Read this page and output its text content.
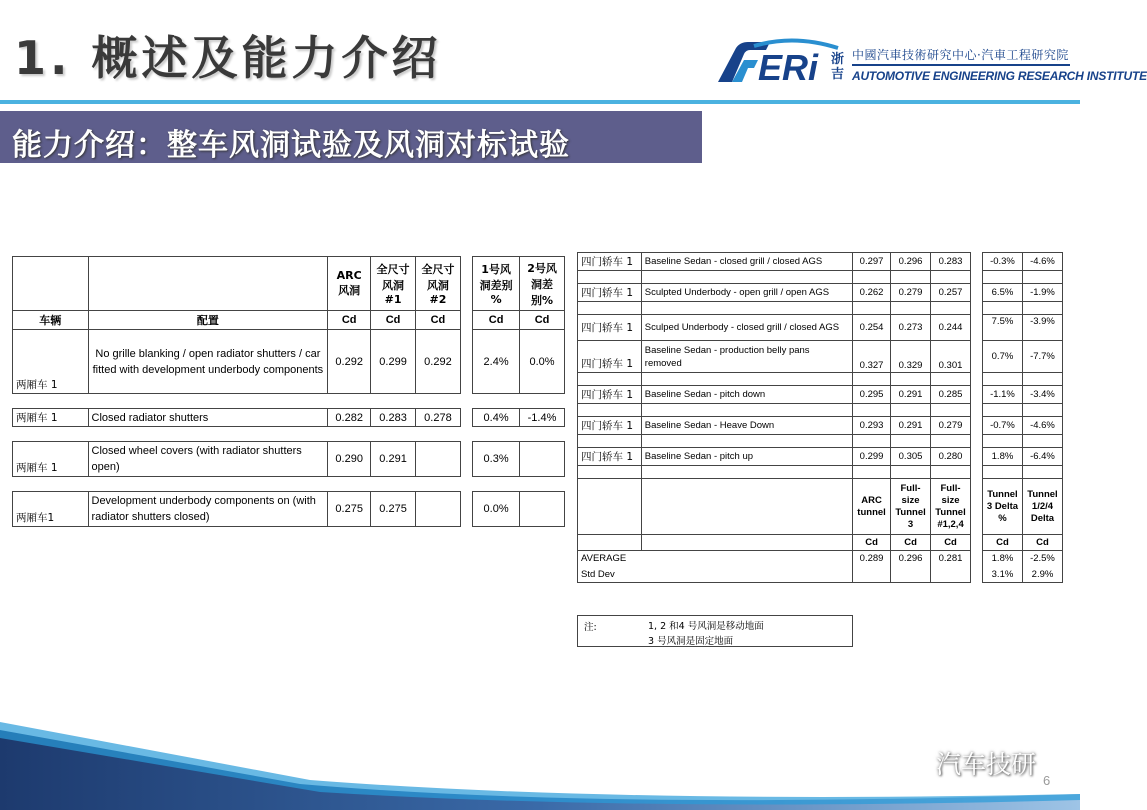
1. 概述及能力介绍	ERi 浙吉
中國汽車技術研究中心·汽車工程研究院
AUTOMOTIVE ENGINEERING RESEARCH INSTITUTE
能力介绍：整车风洞试验及风洞对标试验
		ARC 风洞	全尺寸风洞 #1	全尺寸风洞 #2		1号风洞差别 %	2号风洞差别%
车辆	配置	Cd	Cd	Cd		Cd	Cd
两厢车 1	No grille blanking / open radiator shutters / car fitted with development underbody components	0.292	0.299	0.292		2.4%	0.0%

两厢车 1	Closed radiator shutters	0.282	0.283	0.278		0.4%	-1.4%

两厢车 1	Closed wheel covers (with radiator shutters open)	0.290	0.291			0.3%	

两厢车1	Development underbody components on (with radiator shutters closed)	0.275	0.275			0.0%	
四门轿车 1	Baseline Sedan - closed grill / closed AGS	0.297	0.296	0.283		-0.3%	-4.6%

四门轿车 1	Sculpted Underbody - open grill / open AGS	0.262	0.279	0.257		6.5%	-1.9%

四门轿车 1	Sculped Underbody - closed grill / closed AGS	0.254	0.273	0.244		7.5%	-3.9%
四门轿车 1	Baseline Sedan - production belly pans removed	0.327	0.329	0.301		0.7%	-7.7%

四门轿车 1	Baseline Sedan - pitch down	0.295	0.291	0.285		-1.1%	-3.4%

四门轿车 1	Baseline Sedan - Heave Down	0.293	0.291	0.279		-0.7%	-4.6%

四门轿车 1	Baseline Sedan - pitch up	0.299	0.305	0.280		1.8%	-6.4%

		ARC tunnel	Full-size Tunnel 3	Full-size Tunnel #1,2,4		Tunnel 3 Delta %	Tunnel 1/2/4 Delta
		Cd	Cd	Cd		Cd	Cd
AVERAGE		0.289	0.296	0.281		1.8%	-2.5%
Std Dev						3.1%	2.9%
注:	1, 2 和4 号风洞是移动地面
3 号风洞是固定地面
汽车技研
6
